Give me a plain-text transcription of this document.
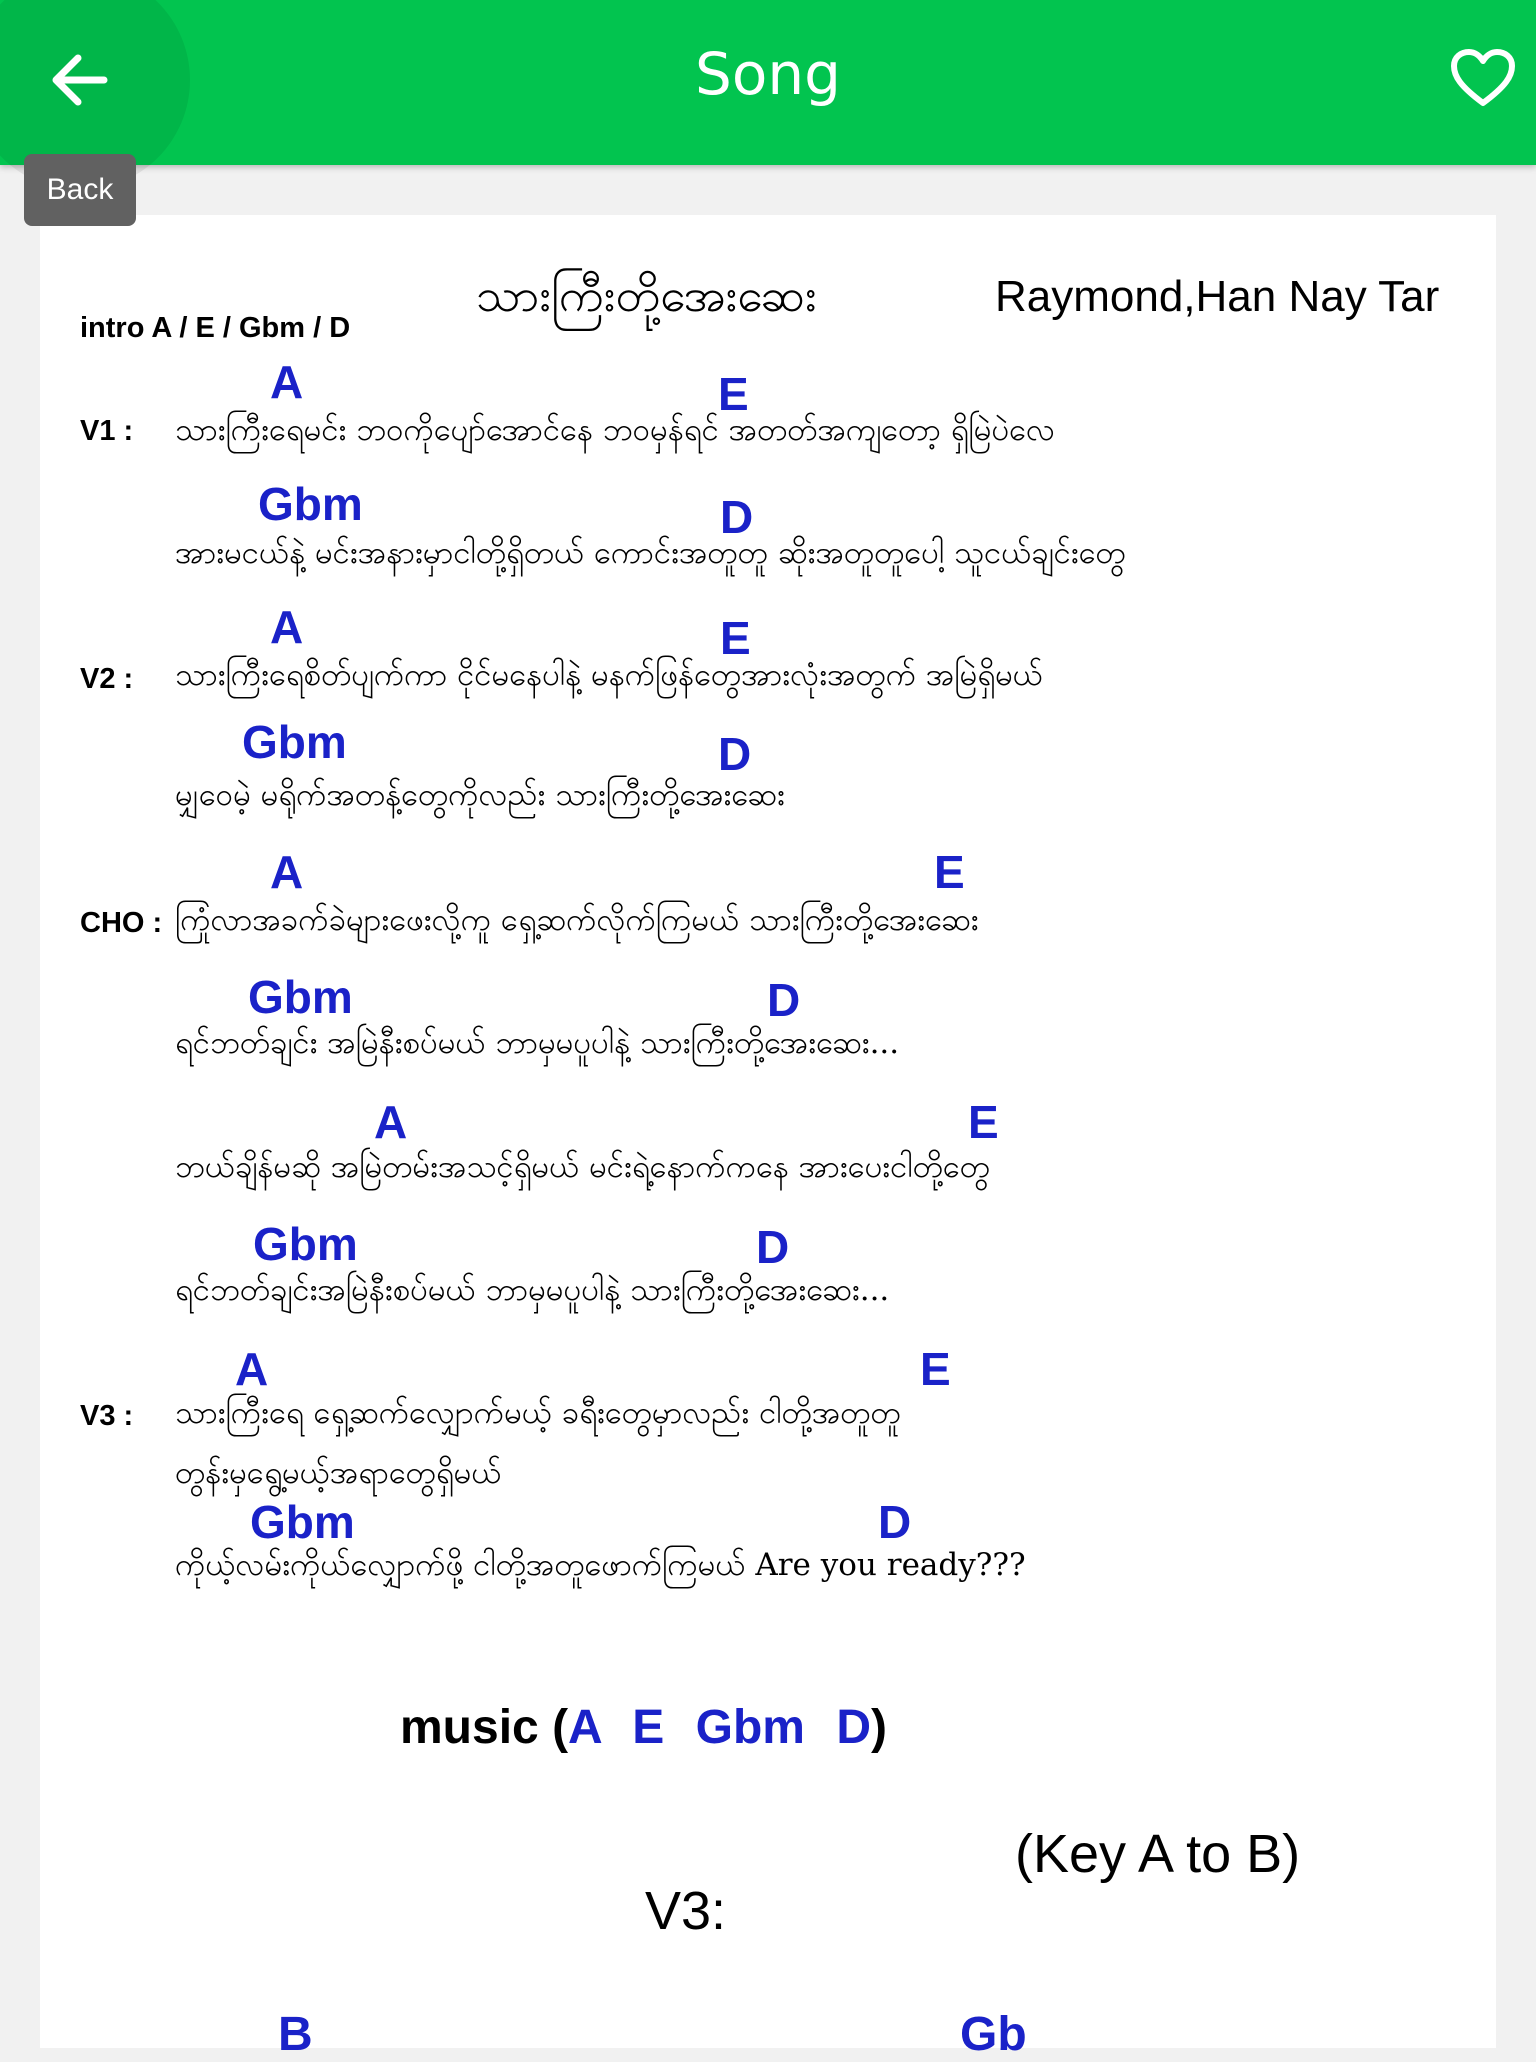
Song
Back
intro A / E / Gbm / D
သားကြီးတို့အေးဆေး	Raymond,Han Nay Tar
A	E
V1 : သားကြီးရေမင်း ဘဝကိုပျော်အောင်နေ ဘဝမှန်ရင် အတတ်အကျတော့ ရှိမြဲပဲလေ
Gbm	D
အားမငယ်နဲ့ မင်းအနားမှာငါတို့ရှိတယ် ကောင်းအတူတူ ဆိုးအတူတူပေါ့ သူငယ်ချင်းတွေ
A	E
V2 : သားကြီးရေစိတ်ပျက်ကာ ငိုင်မနေပါနဲ့ မနက်ဖြန်တွေအားလုံးအတွက် အမြဲရှိမယ်
Gbm	D
မျှဝေမဲ့ မရိုက်အတန့်တွေကိုလည်း သားကြီးတို့အေးဆေး
A	E
CHO : ကြုံလာအခက်ခဲများဖေးလို့ကူ ရှေ့ဆက်လိုက်ကြမယ် သားကြီးတို့အေးဆေး
Gbm	D
ရင်ဘတ်ချင်း အမြဲနီးစပ်မယ် ဘာမှမပူပါနဲ့ သားကြီးတို့အေးဆေး...
A	E
ဘယ်ချိန်မဆို အမြဲတမ်းအသင့်ရှိမယ် မင်းရဲ့နောက်ကနေ အားပေးငါတို့တွေ
Gbm	D
ရင်ဘတ်ချင်းအမြဲနီးစပ်မယ် ဘာမှမပူပါနဲ့ သားကြီးတို့အေးဆေး...
A	E
V3 : သားကြီးရေ ရှေ့ဆက်လျှောက်မယ့် ခရီးတွေမှာလည်း ငါတို့အတူတူ
တွန်းမှရွေ့မယ့်အရာတွေရှိမယ်
Gbm	D
ကိုယ့်လမ်းကိုယ်လျှောက်ဖို့ ငါတို့အတူဖောက်ကြမယ် Are you ready???
music (A E Gbm D)
(Key A to B)
V3:
B	Gb
